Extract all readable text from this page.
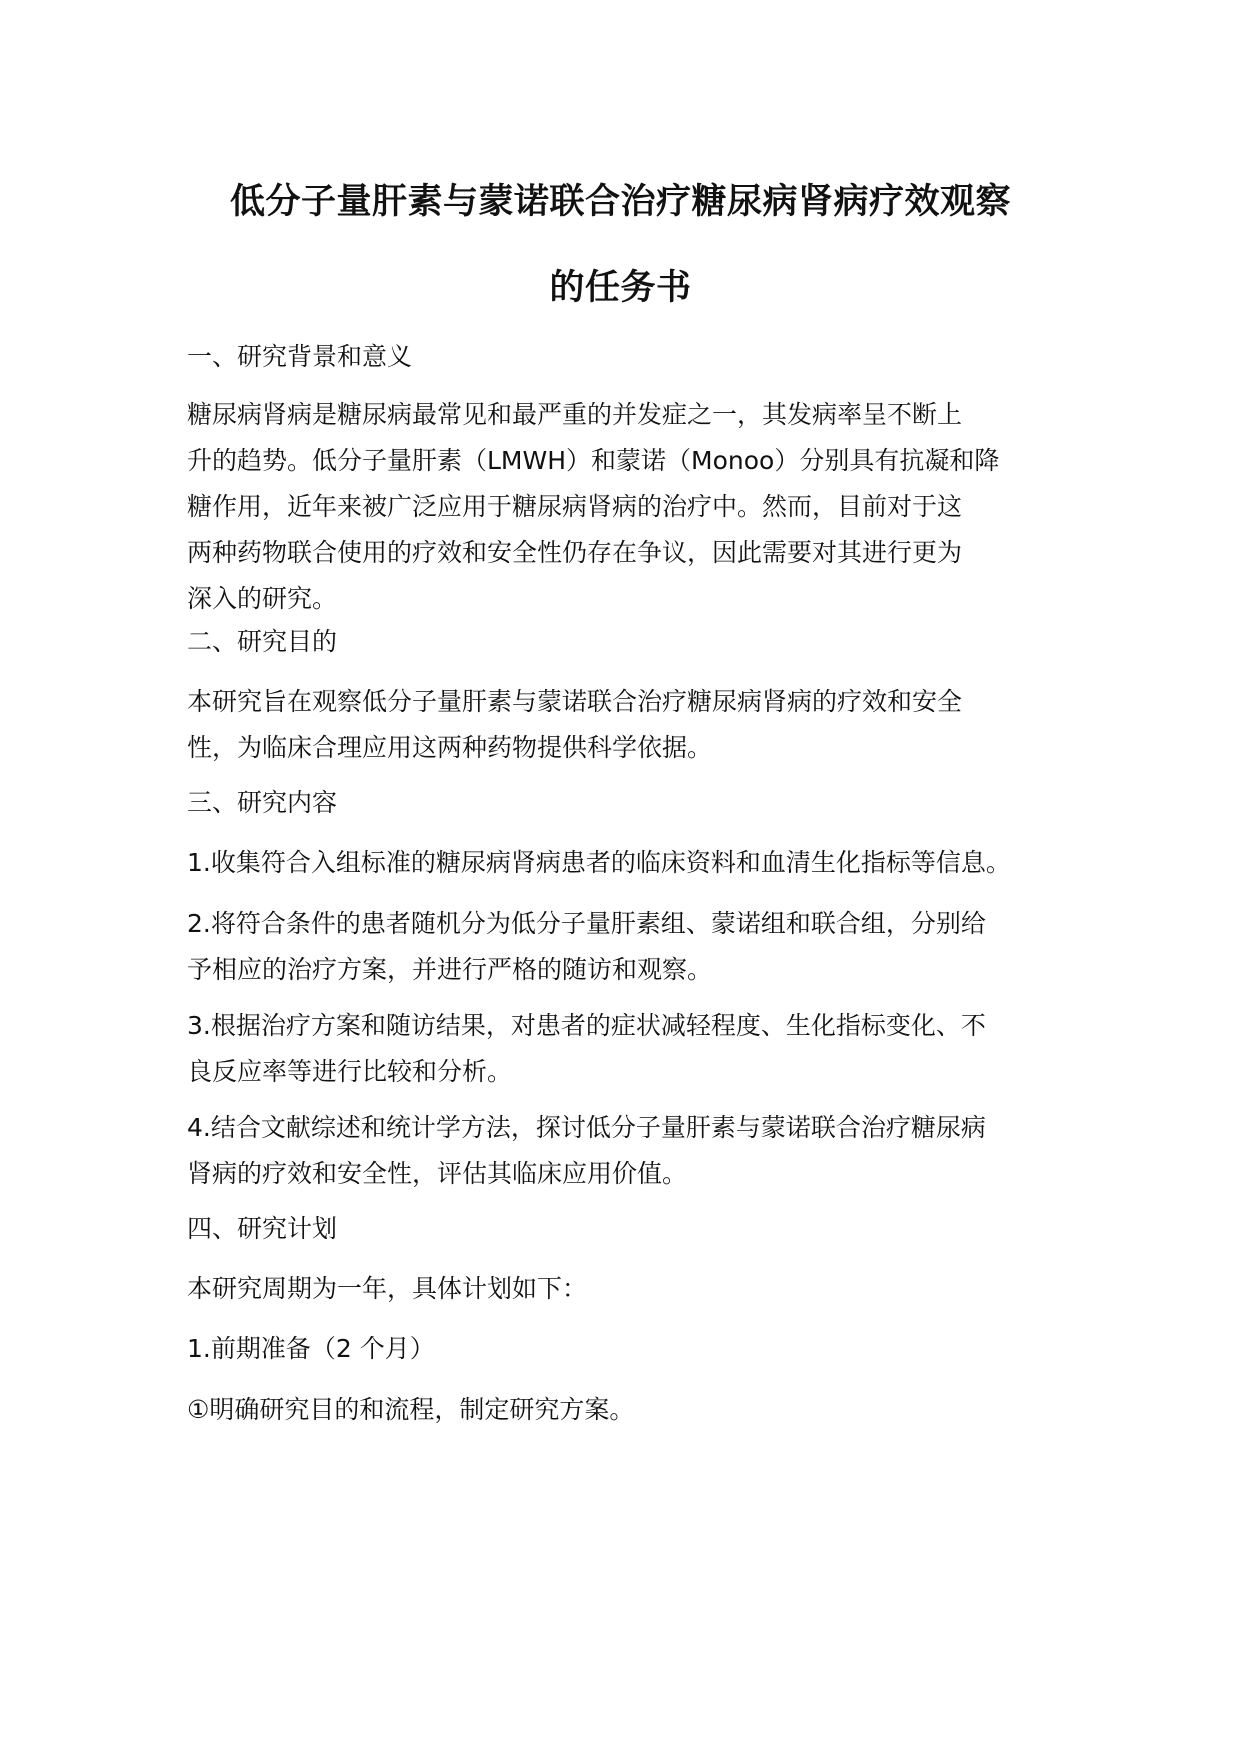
低分子量肝素与蒙诺联合治疗糖尿病肾病疗效观察
的任务书
一、研究背景和意义
糖尿病肾病是糖尿病最常见和最严重的并发症之一，其发病率呈不断上
升的趋势。低分子量肝素（LMWH）和蒙诺（Monoo）分别具有抗凝和降
糖作用，近年来被广泛应用于糖尿病肾病的治疗中。然而，目前对于这
两种药物联合使用的疗效和安全性仍存在争议，因此需要对其进行更为
深入的研究。
二、研究目的
本研究旨在观察低分子量肝素与蒙诺联合治疗糖尿病肾病的疗效和安全
性，为临床合理应用这两种药物提供科学依据。
三、研究内容
1.收集符合入组标准的糖尿病肾病患者的临床资料和血清生化指标等信息。
2.将符合条件的患者随机分为低分子量肝素组、蒙诺组和联合组，分别给
予相应的治疗方案，并进行严格的随访和观察。
3.根据治疗方案和随访结果，对患者的症状减轻程度、生化指标变化、不
良反应率等进行比较和分析。
4.结合文献综述和统计学方法，探讨低分子量肝素与蒙诺联合治疗糖尿病
肾病的疗效和安全性，评估其临床应用价值。
四、研究计划
本研究周期为一年，具体计划如下：
1.前期准备（2 个月）
①明确研究目的和流程，制定研究方案。
